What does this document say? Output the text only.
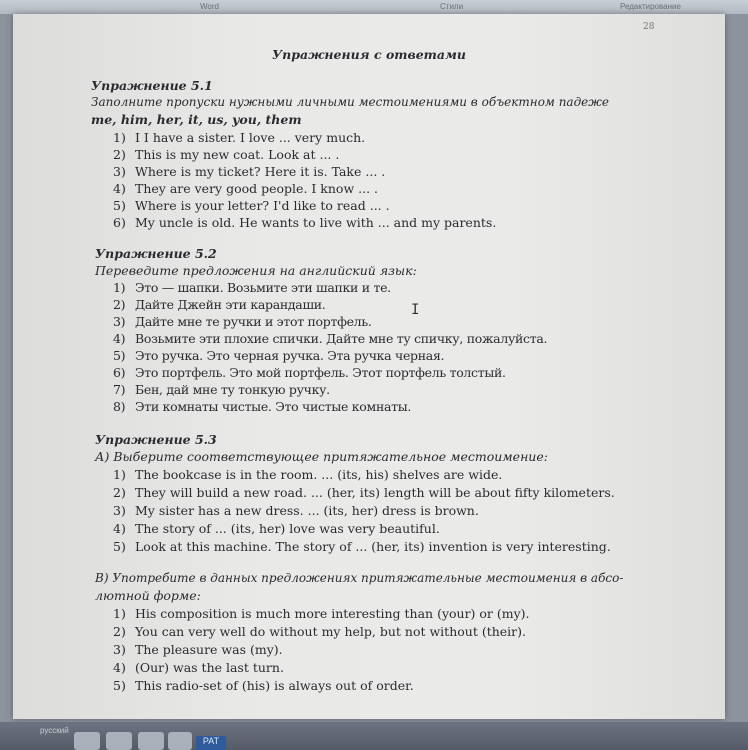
Word	Стили	Редактирование
28
Упражнения с ответами
Упражнение 5.1
Заполните пропуски нужными личными местоимениями в объектном падеже
me, him, her, it, us, you, them
1) I I have a sister. I love ... very much.
2) This is my new coat. Look at ... .
3) Where is my ticket? Here it is. Take ... .
4) They are very good people. I know ... .
5) Where is your letter? I'd like to read ... .
6) My uncle is old. He wants to live with ... and my parents.
Упражнение 5.2
Переведите предложения на английский язык:
1) Это — шапки. Возьмите эти шапки и те.
2) Дайте Джейн эти карандаши.
3) Дайте мне те ручки и этот портфель.
4) Возьмите эти плохие спички. Дайте мне ту спичку, пожалуйста.
5) Это ручка. Это черная ручка. Эта ручка черная.
6) Это портфель. Это мой портфель. Этот портфель толстый.
7) Бен, дай мне ту тонкую ручку.
8) Эти комнаты чистые. Это чистые комнаты.
Упражнение 5.3
А) Выберите соответствующее притяжательное местоимение:
1) The bookcase is in the room. ... (its, his) shelves are wide.
2) They will build a new road. ... (her, its) length will be about fifty kilometers.
3) My sister has a new dress. ... (its, her) dress is brown.
4) The story of ... (its, her) love was very beautiful.
5) Look at this machine. The story of ... (her, its) invention is very interesting.
В) Употребите в данных предложениях притяжательные местоимения в абсо-
лютной форме:
1) His composition is much more interesting than (your) or (my).
2) You can very well do without my help, but not without (their).
3) The pleasure was (my).
4) (Our) was the last turn.
5) This radio-set of (his) is always out of order.
I
русский
PAT
